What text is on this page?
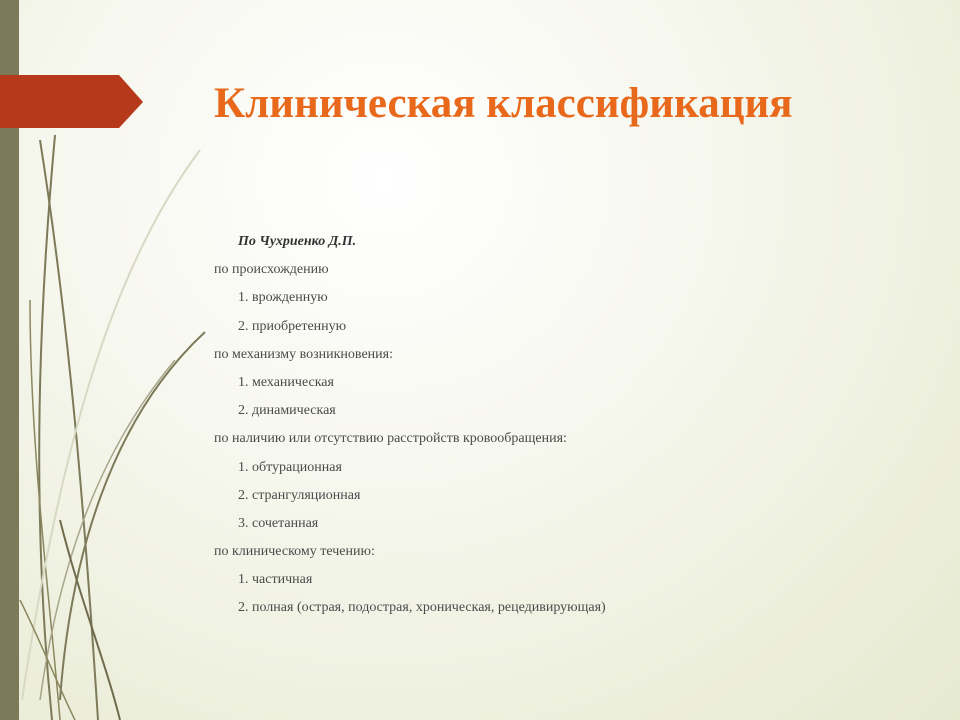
Клиническая классификация
По Чухриенко Д.П.
по происхождению
1. врожденную
2. приобретенную
по механизму возникновения:
1. механическая
2. динамическая
по наличию или отсутствию расстройств кровообращения:
1. обтурационная
2. странгуляционная
3. сочетанная
по клиническому течению:
1. частичная
2. полная (острая, подострая, хроническая, рецедивирующая)
